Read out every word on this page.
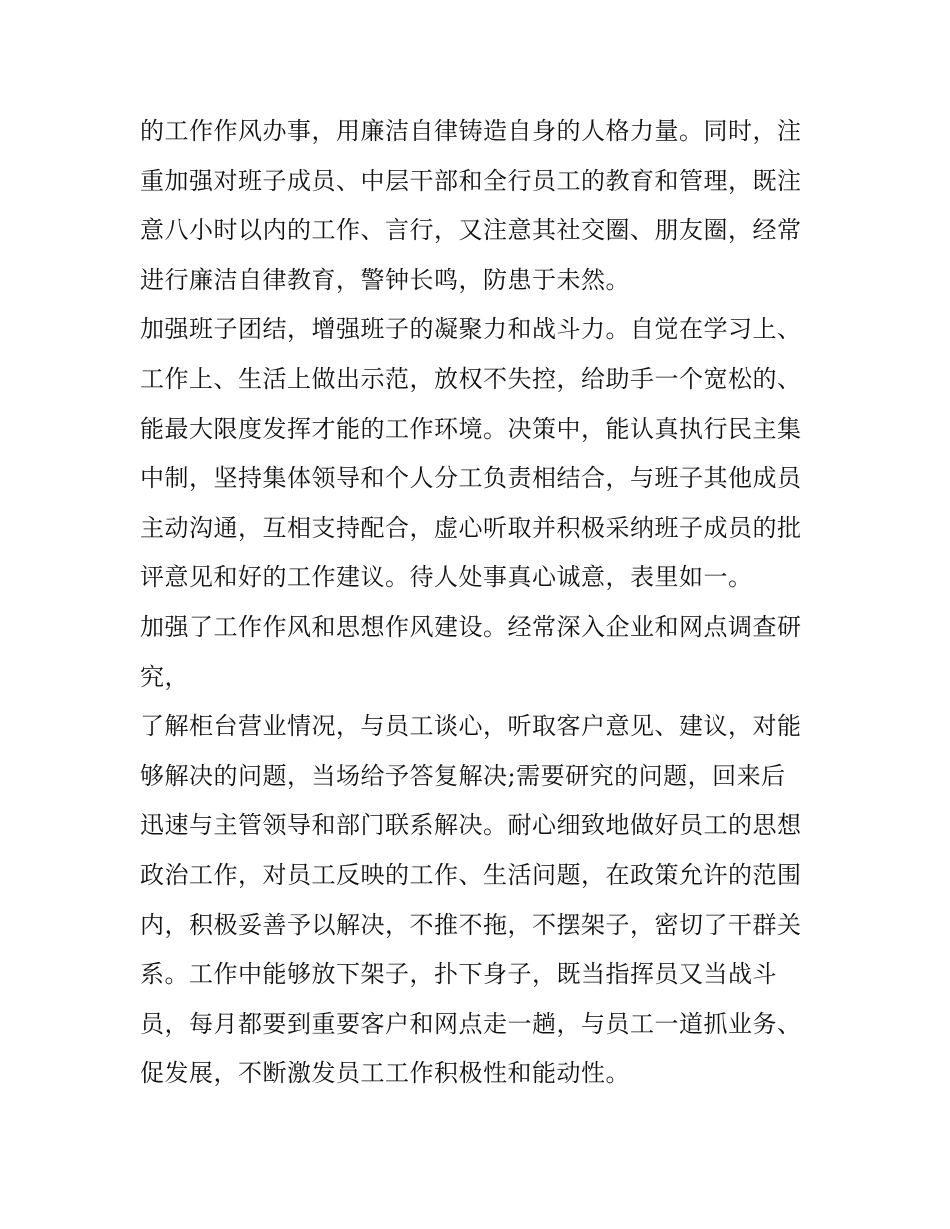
的工作作风办事，用廉洁自律铸造自身的人格力量。同时，注
重加强对班子成员、中层干部和全行员工的教育和管理，既注
意八小时以内的工作、言行，又注意其社交圈、朋友圈，经常
进行廉洁自律教育，警钟长鸣，防患于未然。
加强班子团结，增强班子的凝聚力和战斗力。自觉在学习上、
工作上、生活上做出示范，放权不失控，给助手一个宽松的、
能最大限度发挥才能的工作环境。决策中，能认真执行民主集
中制，坚持集体领导和个人分工负责相结合，与班子其他成员
主动沟通，互相支持配合，虚心听取并积极采纳班子成员的批
评意见和好的工作建议。待人处事真心诚意，表里如一。
加强了工作作风和思想作风建设。经常深入企业和网点调查研
究，
了解柜台营业情况，与员工谈心，听取客户意见、建议，对能
够解决的问题，当场给予答复解决;需要研究的问题，回来后
迅速与主管领导和部门联系解决。耐心细致地做好员工的思想
政治工作，对员工反映的工作、生活问题，在政策允许的范围
内，积极妥善予以解决，不推不拖，不摆架子，密切了干群关
系。工作中能够放下架子，扑下身子，既当指挥员又当战斗
员，每月都要到重要客户和网点走一趟，与员工一道抓业务、
促发展，不断激发员工工作积极性和能动性。
